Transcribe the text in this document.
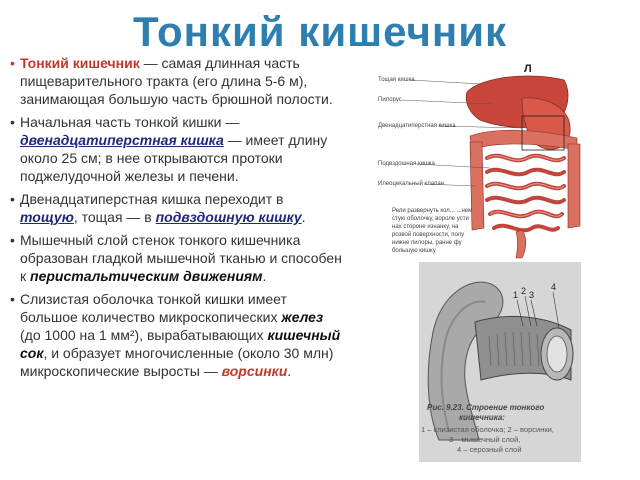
Тонкий кишечник
• Тонкий кишечник — самая длинная часть пищеварительного тракта (его длина 5-6 м), занимающая большую часть брюшной полости.
• Начальная часть тонкой кишки — двенадцатиперстная кишка — имеет длину около 25 см; в нее открываются протоки поджелудочной железы и печени.
• Двенадцатиперстная кишка переходит в тощую, тощая — в подвздошную кишку.
• Мышечный слой стенок тонкого кишечника образован гладкой мышечной тканью и способен к перистальтическим движениям.
• Слизистая оболочка тонкой кишки имеет большое количество микроскопических желез (до 1000 на 1 мм²), вырабатывающих кишечный сок, и образует многочисленные (около 30 млн) микроскопические выросты — ворсинки.
Л
Тощая кишка
Пилорус
Двенадцатиперстная кишка
Подвздошная кишка
Илеоцекальный клапан
Рели развернуть кол... ...нем
стую оболочку, вороле усти
нах стороне изнанку, на
розвой поверхности, полу
нижне пилоры, ранне фу
большую кишку
1 2 3
4
Рис. 9.23. Строение тонкого
кишечника:
1 – слизистая оболочка; 2 – ворсинки,
3 – мышечный слой,
4 – серозный слой
